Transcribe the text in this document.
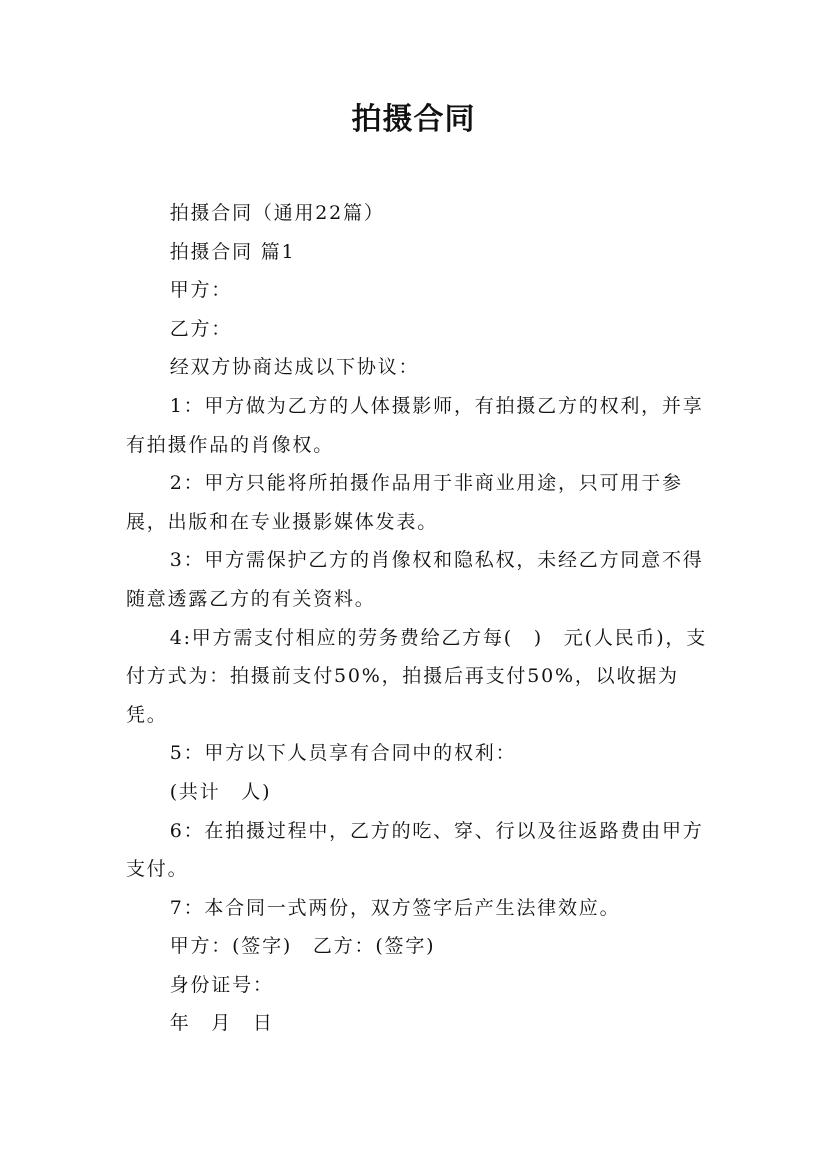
拍摄合同

拍摄合同（通用22篇）

拍摄合同 篇1

甲方：

乙方：

经双方协商达成以下协议：

1：甲方做为乙方的人体摄影师，有拍摄乙方的权利，并享有拍摄作品的肖像权。

2：甲方只能将所拍摄作品用于非商业用途，只可用于参展，出版和在专业摄影媒体发表。

3：甲方需保护乙方的肖像权和隐私权，未经乙方同意不得随意透露乙方的有关资料。

4:甲方需支付相应的劳务费给乙方每(　)　元(人民币)，支付方式为：拍摄前支付50%，拍摄后再支付50%，以收据为凭。

5：甲方以下人员享有合同中的权利：

(共计　人)

6：在拍摄过程中，乙方的吃、穿、行以及往返路费由甲方支付。

7：本合同一式两份，双方签字后产生法律效应。

甲方：(签字)　乙方：(签字)

身份证号：

年　月　日
